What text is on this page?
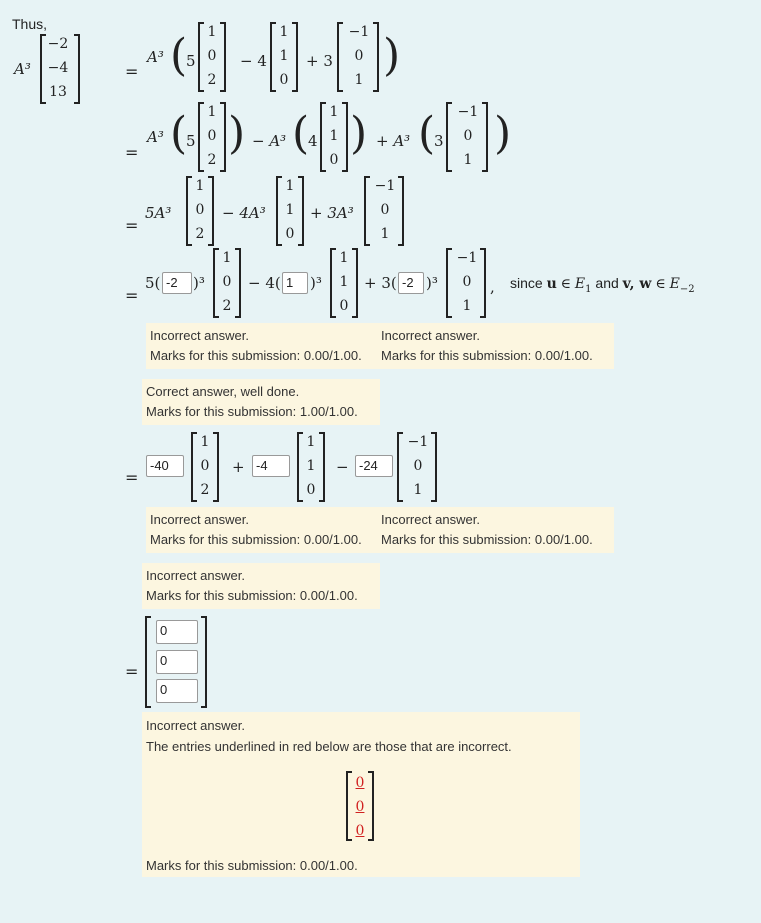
Thus,
A³
−2
−4
13
=
A³ (
5
1
0
2
− 4
1
1
0
+ 3
−1
0
1 )
=
A³ (
5
1
0
2
) − A³ (
4
1
1
0
) + A³ (
3
−1
0
1
)
=
5A³
1
0
2
− 4A³
1
1
0
+ 3A³
−1
0
1
=
5( -2	)³
1
0
2
− 4( 1	)³
1
1
0
+ 3( -2 )³
−1
0
1
, since u ∈ $E_1$ and v, w ∈ $E_{-2}$
Incorrect answer.
Marks for this submission: 0.00/1.00.
Incorrect answer.
Marks for this submission: 0.00/1.00.
Correct answer, well done.
Marks for this submission: 1.00/1.00.
=
-40
1
0
2
+ -4
1
1
0
− -24
−1
0
1
Incorrect answer.
Marks for this submission: 0.00/1.00.
Incorrect answer.
Marks for this submission: 0.00/1.00.
Incorrect answer.
Marks for this submission: 0.00/1.00.
=
0
0
0
Incorrect answer.
The entries underlined in red below are those that are incorrect.
0
0
0
Marks for this submission: 0.00/1.00.
